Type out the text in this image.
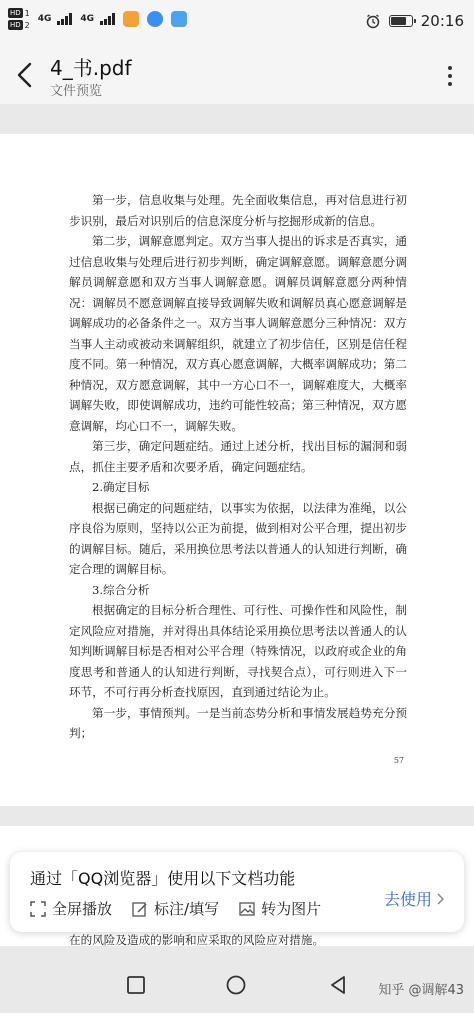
HD 1
HD 2
4G	4G	20:16
4_书.pdf
文件预览

第一步，信息收集与处理。先全面收集信息，再对信息进行初步识别，最后对识别后的信息深度分析与挖掘形成新的信息。

第二步，调解意愿判定。双方当事人提出的诉求是否真实，通过信息收集与处理后进行初步判断，确定调解意愿。调解意愿分调解员调解意愿和双方当事人调解意愿。调解员调解意愿分两种情况：调解员不愿意调解直接导致调解失败和调解员真心愿意调解是调解成功的必备条件之一。双方当事人调解意愿分三种情况：双方当事人主动或被动来调解组织，就建立了初步信任，区别是信任程度不同。第一种情况，双方真心愿意调解，大概率调解成功；第二种情况，双方愿意调解，其中一方心口不一，调解难度大，大概率调解失败，即使调解成功，违约可能性较高；第三种情况，双方愿意调解，均心口不一，调解失败。

第三步，确定问题症结。通过上述分析，找出目标的漏洞和弱点，抓住主要矛盾和次要矛盾，确定问题症结。

2.确定目标

根据已确定的问题症结，以事实为依据，以法律为准绳，以公序良俗为原则，坚持以公正为前提，做到相对公平合理，提出初步的调解目标。随后，采用换位思考法以普通人的认知进行判断，确定合理的调解目标。

3.综合分析

根据确定的目标分析合理性、可行性、可操作性和风险性，制定风险应对措施，并对得出具体结论采用换位思考法以普通人的认知判断调解目标是否相对公平合理（特殊情况，以政府或企业的角度思考和普通人的认知进行判断，寻找契合点），可行则进入下一环节，不可行再分析查找原因，直到通过结论为止。

第一步，事情预判。一是当前态势分析和事情发展趋势充分预判；

57
在的风险及造成的影响和应采取的风险应对措施。
通过「QQ浏览器」使用以下文档功能
全屏播放	标注/填写	转为图片	去使用
知乎 @调解43
